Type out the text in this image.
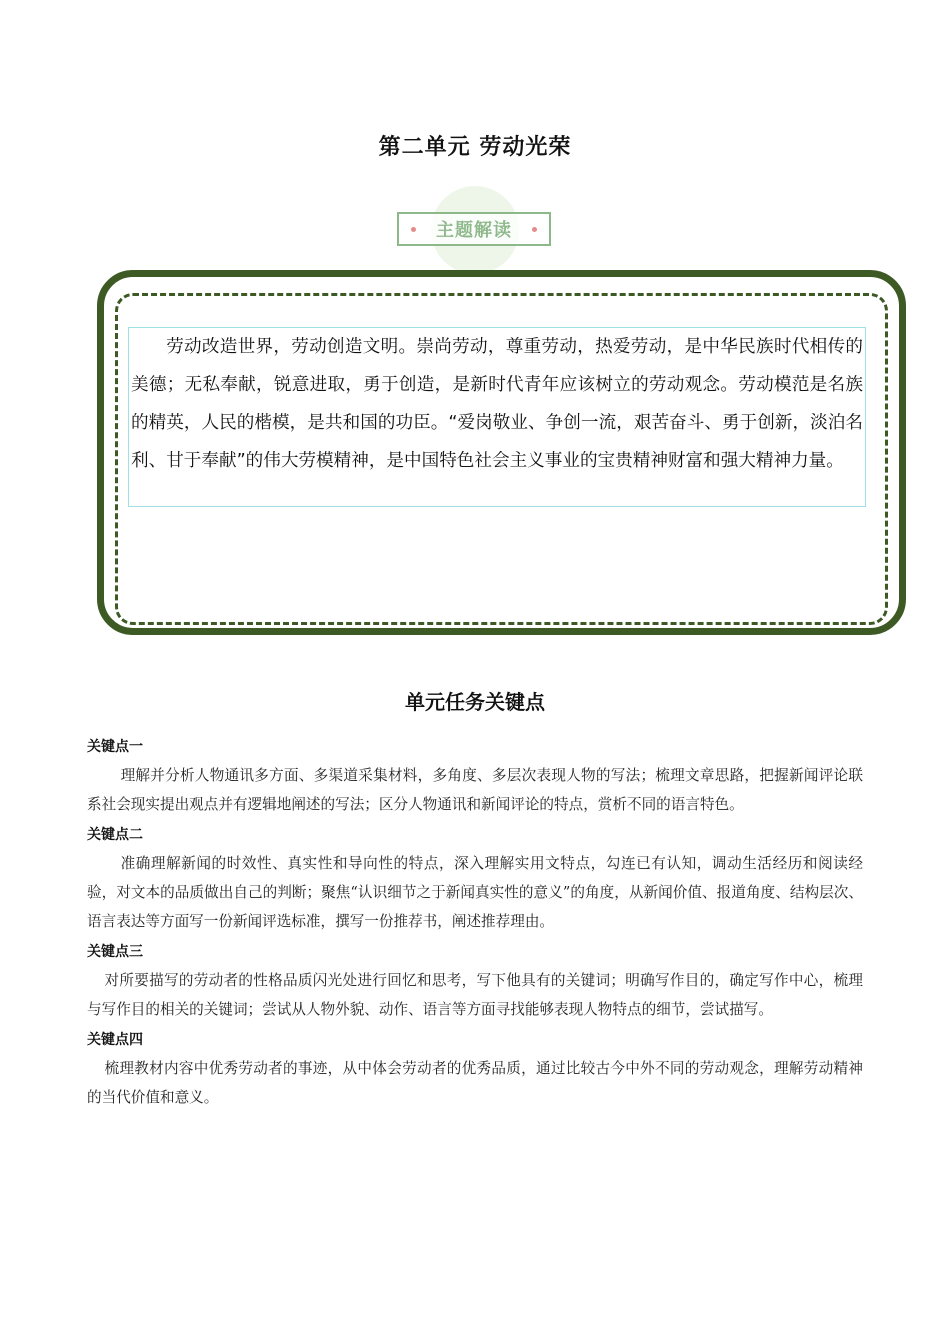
第二单元 劳动光荣
主题解读
劳动改造世界，劳动创造文明。崇尚劳动，尊重劳动，热爱劳动，是中华民族时代相传的美德；无私奉献，锐意进取，勇于创造，是新时代青年应该树立的劳动观念。劳动模范是名族的精英，人民的楷模，是共和国的功臣。“爱岗敬业、争创一流，艰苦奋斗、勇于创新，淡泊名利、甘于奉献”的伟大劳模精神，是中国特色社会主义事业的宝贵精神财富和强大精神力量。
单元任务关键点

关键点一

理解并分析人物通讯多方面、多渠道采集材料，多角度、多层次表现人物的写法；梳理文章思路，把握新闻评论联系社会现实提出观点并有逻辑地阐述的写法；区分人物通讯和新闻评论的特点，赏析不同的语言特色。

关键点二

准确理解新闻的时效性、真实性和导向性的特点，深入理解实用文特点，勾连已有认知，调动生活经历和阅读经验，对文本的品质做出自己的判断；聚焦“认识细节之于新闻真实性的意义”的角度，从新闻价值、报道角度、结构层次、语言表达等方面写一份新闻评选标准，撰写一份推荐书，阐述推荐理由。

关键点三

对所要描写的劳动者的性格品质闪光处进行回忆和思考，写下他具有的关键词；明确写作目的，确定写作中心，梳理与写作目的相关的关键词；尝试从人物外貌、动作、语言等方面寻找能够表现人物特点的细节，尝试描写。

关键点四

梳理教材内容中优秀劳动者的事迹，从中体会劳动者的优秀品质，通过比较古今中外不同的劳动观念，理解劳动精神的当代价值和意义。
